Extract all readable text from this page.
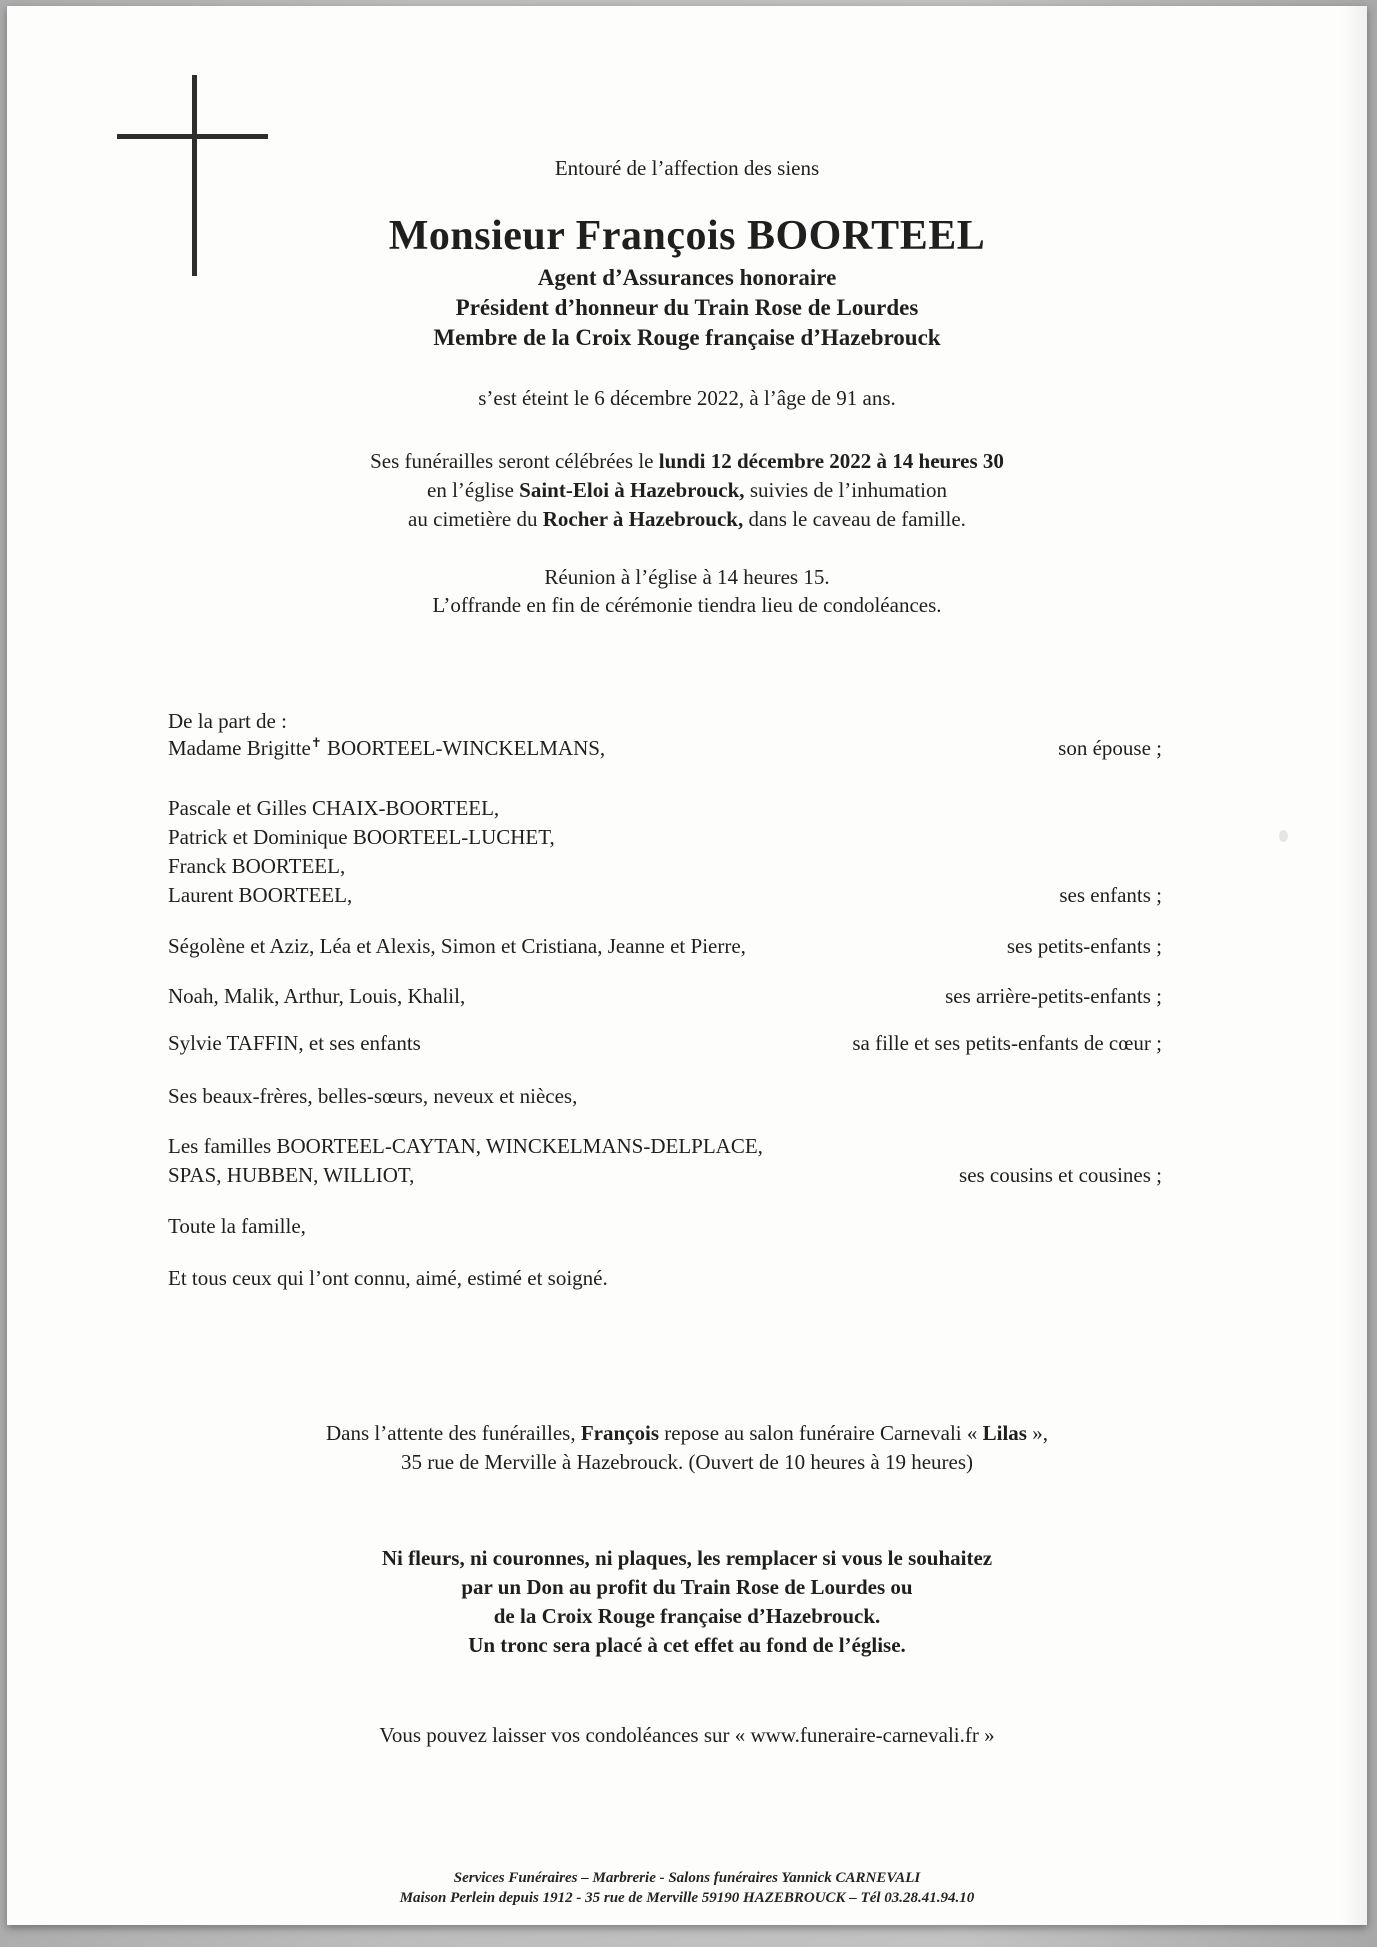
Entouré de l’affection des siens
Monsieur François BOORTEEL
Agent d’Assurances honoraire
Président d’honneur du Train Rose de Lourdes
Membre de la Croix Rouge française d’Hazebrouck
s’est éteint le 6 décembre 2022, à l’âge de 91 ans.
Ses funérailles seront célébrées le lundi 12 décembre 2022 à 14 heures 30
en l’église Saint-Eloi à Hazebrouck, suivies de l’inhumation
au cimetière du Rocher à Hazebrouck, dans le caveau de famille.
Réunion à l’église à 14 heures 15.
L’offrande en fin de cérémonie tiendra lieu de condoléances.
De la part de :
Madame Brigitte✝ BOORTEEL-WINCKELMANS,	son épouse ;
Pascale et Gilles CHAIX-BOORTEEL,
Patrick et Dominique BOORTEEL-LUCHET,
Franck BOORTEEL,
Laurent BOORTEEL,	ses enfants ;
Ségolène et Aziz, Léa et Alexis, Simon et Cristiana, Jeanne et Pierre,	ses petits-enfants ;
Noah, Malik, Arthur, Louis, Khalil,	ses arrière-petits-enfants ;
Sylvie TAFFIN, et ses enfants	sa fille et ses petits-enfants de cœur ;
Ses beaux-frères, belles-sœurs, neveux et nièces,
Les familles BOORTEEL-CAYTAN, WINCKELMANS-DELPLACE,
SPAS, HUBBEN, WILLIOT,	ses cousins et cousines ;
Toute la famille,
Et tous ceux qui l’ont connu, aimé, estimé et soigné.
Dans l’attente des funérailles, François repose au salon funéraire Carnevali « Lilas »,
35 rue de Merville à Hazebrouck. (Ouvert de 10 heures à 19 heures)
Ni fleurs, ni couronnes, ni plaques, les remplacer si vous le souhaitez
par un Don au profit du Train Rose de Lourdes ou
de la Croix Rouge française d’Hazebrouck.
Un tronc sera placé à cet effet au fond de l’église.
Vous pouvez laisser vos condoléances sur « www.funeraire-carnevali.fr »
Services Funéraires – Marbrerie - Salons funéraires Yannick CARNEVALI
Maison Perlein depuis 1912 - 35 rue de Merville 59190 HAZEBROUCK – Tél 03.28.41.94.10
